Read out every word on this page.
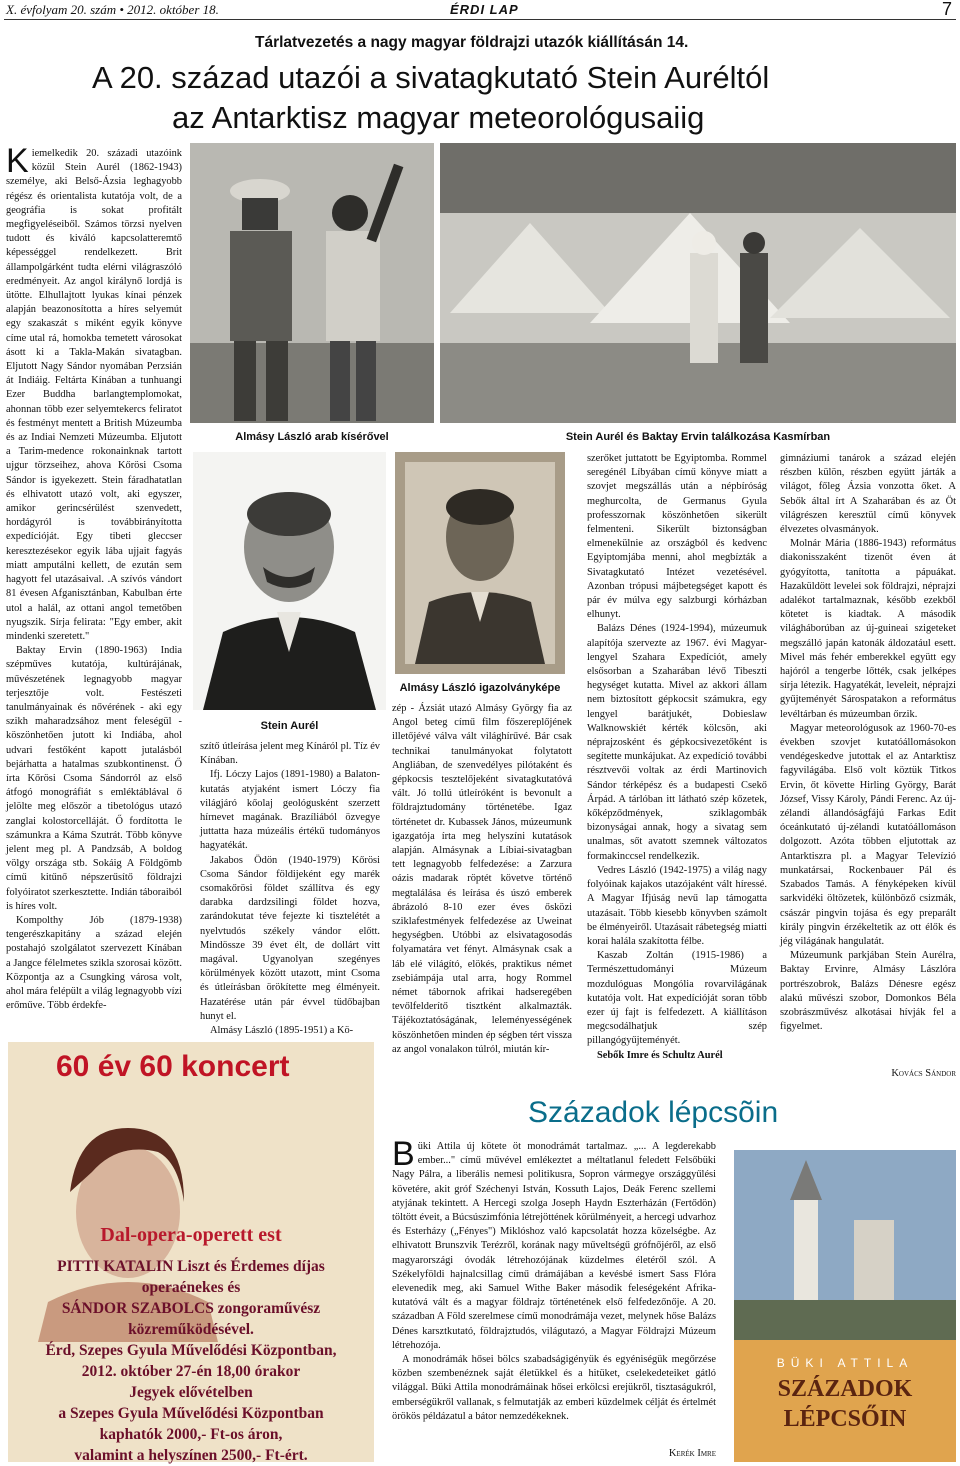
X. évfolyam 20. szám • 2012. október 18.	ÉRDI LAP	7
Tárlatvezetés a nagy magyar földrajzi utazók kiállításán 14.
A 20. század utazói a sivatagkutató Stein Auréltól
az Antarktisz magyar meteorológusaiig
K iemelkedik 20. századi utazóink közül Stein Aurél (1862-1943) személye, aki Belső-Ázsia leghagyobb régész és orientalista kutatója volt, de a geográfia is sokat profitált megfigyeléseiből. Számos törzsi nyelven tudott és kiváló kapcsolatteremtő képességgel rendelkezett. Brit állampolgárként tudta elérni világraszóló eredményeit. Az angol királynő lordjá is ütötte. Elhullajtott lyukas kínai pénzek alapján beazonosította a híres selyemút egy szakaszát s miként egyik könyve címe utal rá, homokba temetett városokat ásott ki a Takla-Makán sivatagban. Eljutott Nagy Sándor nyomában Perzsián át Indiáig. Feltárta Kínában a tunhuangi Ezer Buddha barlangtemplomokat, ahonnan több ezer selyemtekercs feliratot és festményt mentett a British Múzeumba és az Indiai Nemzeti Múzeumba. Eljutott a Tarim-medence rokonainknak tartott ujgur törzseihez, ahova Kőrösi Csoma Sándor is igyekezett. Stein fáradhatatlan és elhivatott utazó volt, aki egyszer, amikor gerincsérülést szenvedett, hordágyról is továbbirányította expedícióját. Egy tibeti gleccser keresztezésekor egyik lába ujjait fagyás miatt amputálni kellett, de ezután sem hagyott fel utazásaival. .A szívós vándort 81 évesen Afganisztánban, Kabulban érte utol a halál, az ottani angol temetőben nyugszik. Sírja felirata: "Egy ember, akit mindenki szeretett."

Baktay Ervin (1890-1963) India szépműves kutatója, kultúrájának, művészetének legnagyobb magyar terjesztője volt. Festészeti tanulmányainak és nővérének - aki egy szikh maharadzsához ment feleségül - köszönhetően jutott ki Indiába, ahol udvari festőként kapott jutalásból bejárhatta a hatalmas szubkontinenst. Ő írta Kőrösi Csoma Sándorról az első átfogó monográfiát s emléktáblával ő jelölte meg először a tibetológus utazó zanglai kolostorcelláját. Ő fordította le számunkra a Káma Szutrát. Több könyve jelent meg pl. A Pandzsáb, A boldog völgy országa stb. Sokáig A Földgömb című kitűnő népszerűsítő földrajzi folyóiratot szerkesztette. Indián táboraiból is híres volt.

Kompolthy Jób (1879-1938) tengerészkapitány a század elején postahajó szolgálatot szervezett Kínában a Jangce félelmetes szikla szorosai között. Központja az a Csungking városa volt, ahol mára felépült a világ legnagyobb vízi erőműve. Több érdekfe-

Almásy László arab kísérővel	Stein Aurél és Baktay Ervin találkozása Kasmírban
Stein Aurél
Almásy László igazolványképe

szítő útleírása jelent meg Kínáról pl. Tíz év Kínában.

Ifj. Lóczy Lajos (1891-1980) a Balaton-kutatás atyjaként ismert Lóczy fia világjáró kőolaj geológusként szerzett hírnevet magának. Brazíliából özvegye juttatta haza múzeális értékű tudományos hagyatékát.

Jakabos Ödön (1940-1979) Kőrösi Csoma Sándor földijeként egy marék csomakőrösi földet szállítva és egy darabka dardzsilingi földet hozva, zarándokutat téve fejezte ki tisztelétét a nyelvtudós székely vándor előtt. Mindössze 39 évet élt, de dollárt vitt magával. Ugyanolyan szegényes körülmények között utazott, mint Csoma és útleírásban örökítette meg élményeit. Hazatérése után pár évvel tüdőbajban hunyt el.

Almásy László (1895-1951) a Kö-

zép - Ázsiát utazó Almásy György fia az Angol beteg című film főszereplőjének illetőjévé válva vált világhírűvé. Bár csak technikai tanulmányokat folytatott Angliában, de szenvedélyes pilótaként és gépkocsis tesztelőjeként sivatagkutatóvá vált. Jó tollú útleíróként is bevonult a földrajztudomány történetébe. Igaz történetet dr. Kubassek János, múzeumunk igazgatója írta meg helyszíni kutatások alapján. Almásynak a Líbiai-sivatagban tett legnagyobb felfedezése: a Zarzura oázis madarak röptét követve történő megtalálása és leírása és úszó emberek ábrázoló 8-10 ezer éves ősközi sziklafestmények felfedezése az Uweinat hegységben. Utóbbi az elsivatagosodás folyamatára vet fényt. Almásynak csak a láb elé világító, elökés, praktikus német zsebiámpája utal arra, hogy Rommel német tábornok afrikai hadseregében tevőlfelderítő tisztként alkalmazták. Tájékoztatóságának, leleményességének köszönhetően minden ép ségben tért vissza az angol vonalakon túlról, miután kír-

szerőket juttatott be Egyiptomba. Rommel seregénél Líbyában című könyve miatt a szovjet megszállás után a népbíróság meghurcolta, de Germanus Gyula professzornak köszönhetően sikerült felmenteni. Sikerült biztonságban elmenekülnie az országból és kedvenc Egyiptomjába menni, ahol megbízták a Sivatagkutató Intézet vezetésével. Azonban trópusi májbetegséget kapott és pár év múlva egy salzburgi kórházban elhunyt.

Balázs Dénes (1924-1994), múzeumuk alapítója szervezte az 1967. évi Magyar-lengyel Szahara Expedíciót, amely elsősorban a Szaharában lévő Tibeszti hegységet kutatta. Mivel az akkori állam nem biztosított gépkocsit számukra, egy lengyel barátjukét, Dobieslaw Walknowskiét kérték kölcsön, aki néprajzosként és gépkocsivezetőként is segítette munkájukat. Az expedíció további résztvevői voltak az érdi Martinovich Sándor térképész és a budapesti Csekő Árpád. A tárlóban itt látható szép kőzetek, kőképződmények, sziklagombák bizonyságai annak, hogy a sivatag sem unalmas, sőt avatott szemnek változatos formakinccsel rendelkezik.

Vedres László (1942-1975) a világ nagy folyóinak kajakos utazójaként vált híressé. A Magyar Ifjúság nevű lap támogatta utazásait. Több kiesebb könyvben számolt be élményeiről. Utazásait rábetegség miatti korai halála szakította félbe.

Kaszab Zoltán (1915-1986) a Természettudományi Múzeum mozdulóguas Mongólia rovarvilágának kutatója volt. Hat expedícióját soran több ezer új fajt is felfedezett. A kiállításon megcsodálhatjuk szép pillangógyűjteményét.

Sebők Imre és Schultz Aurél

gimnáziumi tanárok a század elején részben külön, részben együtt járták a világot, főleg Ázsia vonzotta őket. A Sebők által írt A Szaharában és az Öt világrészen keresztül című könyvek élvezetes olvasmányok.

Molnár Mária (1886-1943) református diakonisszaként tizenöt éven át gyógyította, tanította a pápuákat. Hazaküldött levelei sok földrajzi, néprajzi adalékot tartalmaznak, később ezekből kötetet is kiadtak. A második világháborúban az új-guineai szigeteket megszálló japán katonák áldozatául esett. Mivel más fehér emberekkel együtt egy hajóról a tengerbe lőtték, csak jelképes sírja létezik. Hagyatékát, leveleit, néprajzi gyűjteményét Sárospatakon a református levéltárban és múzeumban őrzik.

Magyar meteorológusok az 1960-70-es években szovjet kutatóállomásokon vendégeskedve jutottak el az Antarktisz fagyvilágába. Első volt köztük Titkos Ervin, őt követte Hirling György, Barát József, Vissy Károly, Pándi Ferenc. Az új-zélandi állandóságfájú Farkas Edit óceánkutató új-zélandi kutatóállomáson dolgozott. Azóta többen eljutottak az Antarktiszra pl. a Magyar Televízió munkatársai, Rockenbauer Pál és Szabados Tamás. A fényképeken kívül sarkvidéki öltözetek, különböző csizmák, császár pingvin tojása és egy preparált király pingvin érzékeltetik az ott élők és jég világának hangulatát.

Múzeumunk parkjában Stein Aurélra, Baktay Ervinre, Almásy Lászlóra portrészobrok, Balázs Dénesre egész alakú művészi szobor, Domonkos Béla szobrászművész alkotásai hívják fel a figyelmet.

Kovács Sándor
60 év 60 koncert
Dal-opera-operett est
PITTI KATALIN Liszt és Érdemes díjas
operaénekes és
SÁNDOR SZABOLCS zongoraművész
közreműködésével.
Érd, Szepes Gyula Művelődési Központban,
2012. október 27-én 18,00 órakor
Jegyek elővételben
a Szepes Gyula Művelődési Központban
kaphatók 2000,- Ft-os áron,
valamint a helyszínen 2500,- Ft-ért.
Századok lépcsõin
B üki Attila új kötete öt monodrámát tartalmaz. „... A legderekabb ember..." című művével emlékeztet a méltatlanul feledett Felsőbüki Nagy Pálra, a liberális nemesi politikusra, Sopron vármegye országgyűlési követére, akit gróf Széchenyi István, Kossuth Lajos, Deák Ferenc szellemi atyjának tekintett. A Hercegi szolga Joseph Haydn Eszterházán (Fertődön) töltött éveit, a Búcsúszimfónia létrejöttének körülményeit, a hercegi udvarhoz és Esterházy („Fényes") Miklóshoz való kapcsolatát hozza közelségbe. Az elhivatott Brunszvik Terézről, korának nagy műveltségű grófnőjéről, az első magyarországi óvodák létrehozójának küzdelmes életéről szól. A Székelyföldi hajnalcsillag című drámájában a kevésbé ismert Sass Flóra elevenedik meg, aki Samuel Withe Baker második feleségeként Afrika-kutatóvá vált és a magyar földrajz történetének első felfedezőnője. A 20. században A Föld szerelmese című monodrámája vezet, melynek hőse Balázs Dénes karsztkutató, földrajztudós, világutazó, a Magyar Földrajzi Múzeum létrehozója.

A monodrámák hősei bölcs szabadságigényük és egyéniségük megőrzése közben szembenéznek saját életükkel és a hitüket, cselekedeteiket gátló világgal. Büki Attila monodrámáinak hősei erkölcsi erejükről, tisztaságukról, emberségükről vallanak, s felmutatják az emberi küzdelmek célját és értelmét örökös példázatul a bátor nemzedékeknek.

Kerék Imre
BÜKI ATTILA
SZÁZADOK
LÉPCSŐIN
